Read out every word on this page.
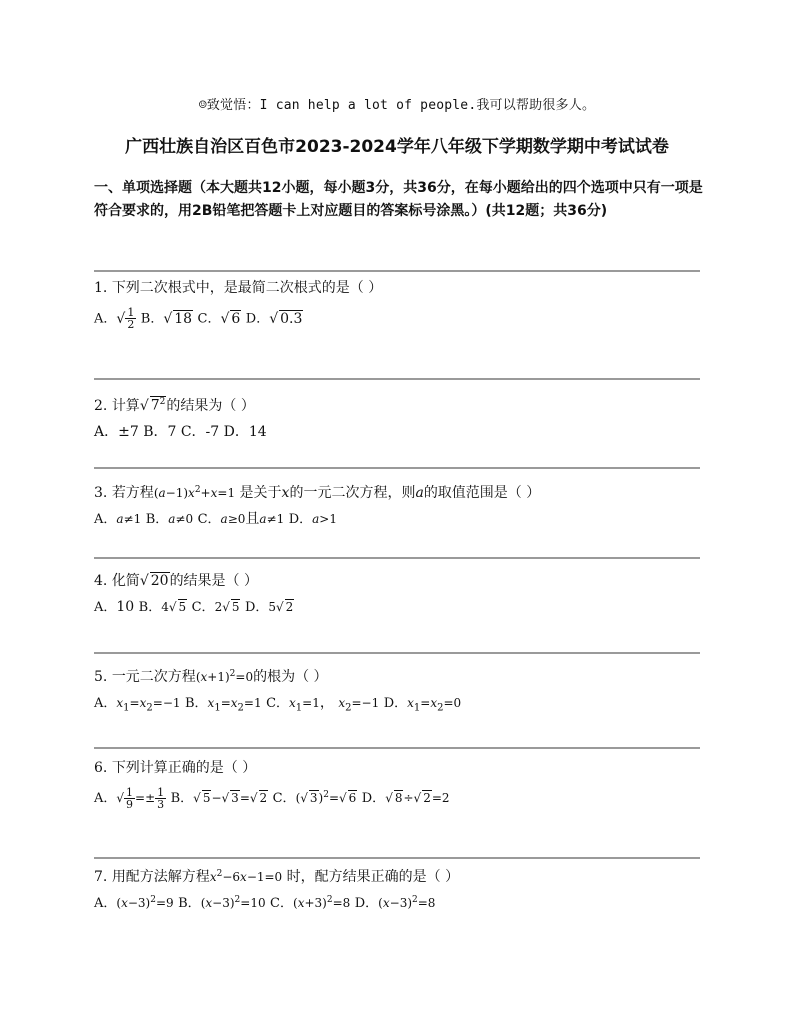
☺致觉悟：I can help a lot of people.我可以帮助很多人。
广西壮族自治区百色市2023-2024学年八年级下学期数学期中考试试卷
一、单项选择题（本大题共12小题，每小题3分，共36分，在每小题给出的四个选项中只有一项是符合要求的，用2B铅笔把答题卡上对应题目的答案标号涂黑。）(共12题；共36分)
1. 下列二次根式中，是最简二次根式的是（ ）
A．√ $\frac{1}{2}$ B．√ 18 C．√ 6 D．√ 0.3
2. 计算√ $7^2$的结果为（ ）
A．±7 B．7 C．-7 D．14
3. 若方程$(a-1)x^2+x=1$ 是关于x的一元二次方程，则a的取值范围是（ ）
A．a≠1 B．a≠0 C．a≥0且a≠1 D．a>1
4. 化简√ 20的结果是（ ）
A．10 B．4√ 5 C．2√ 5 D．5√ 2
5. 一元二次方程$(x+1)^2=0$的根为（ ）
A．$x_1=x_2=-1$ B．$x_1=x_2=1$ C．$x_1=1$， $x_2=-1$ D．$x_1=x_2=0$
6. 下列计算正确的是（ ）
A．√ $\frac{1}{9} =\pm \frac{1}{3}$ B．√ 5−√ 3=√ 2 C．(√ 3)$^2$=√ 6 D．√ 8÷√ 2=2
7. 用配方法解方程$x^2-6x-1=0$ 时，配方结果正确的是（ ）
A．$(x-3)^2=9$ B．$(x-3)^2=10$ C．$(x+3)^2=8$ D．$(x-3)^2=8$
